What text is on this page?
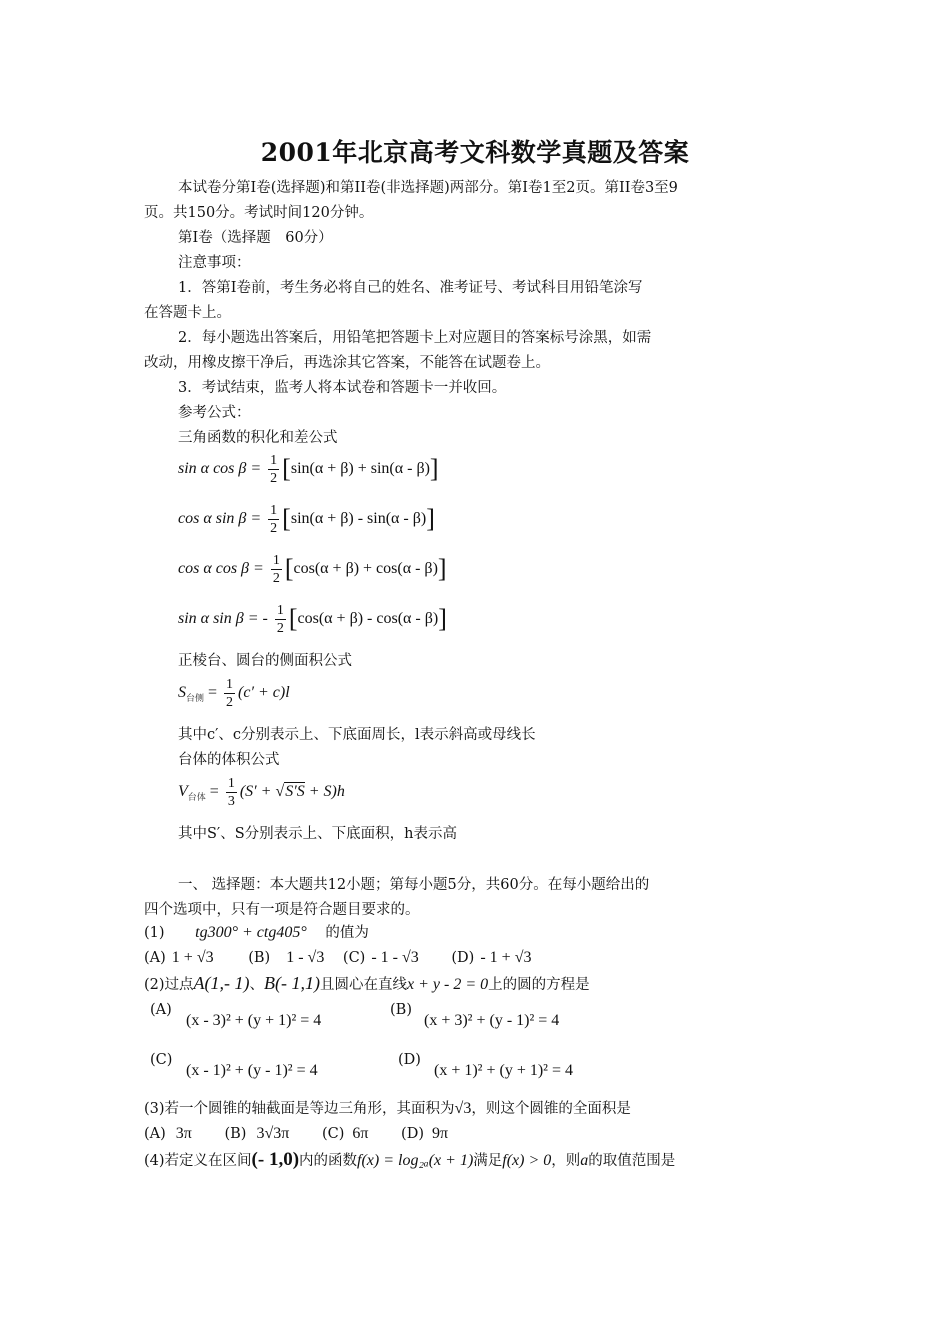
2001年北京高考文科数学真题及答案
本试卷分第Ⅰ卷(选择题)和第ⅠⅠ卷(非选择题)两部分。第Ⅰ卷1至2页。第ⅠⅠ卷3至9
页。共150分。考试时间120分钟。
第Ⅰ卷（选择题　60分）
注意事项：
1．答第Ⅰ卷前，考生务必将自己的姓名、准考证号、考试科目用铅笔涂写
在答题卡上。
2．每小题选出答案后，用铅笔把答题卡上对应题目的答案标号涂黑，如需
改动，用橡皮擦干净后，再选涂其它答案，不能答在试题卷上。
3．考试结束，监考人将本试卷和答题卡一并收回。
参考公式：
三角函数的积化和差公式
sin α $\cos \beta = \frac{1}{2} [\sin(\alpha + \beta) + \sin(\alpha - \beta)]$
cos α $\sin \beta = \frac{1}{2} [\sin(\alpha + \beta) - \sin(\alpha - \beta)]$
cos α $\cos \beta = \frac{1}{2} [\cos(\alpha + \beta) + \cos(\alpha - \beta)]$
sin α sin β = - $\frac{1}{2} [\cos(\alpha + \beta) - \cos(\alpha - \beta)]$
正棱台、圆台的侧面积公式
$S_{台侧} = \frac{1}{2} (c' + c)l$
其中c′、c分别表示上、下底面周长，l表示斜高或母线长
台体的体积公式
$V_{台体} = \frac{1}{3} (S' + √S'S + S)h$
其中S′、S分别表示上、下底面积，h表示高
一、 选择题：本大题共12小题；第每小题5分，共60分。在每小题给出的
四个选项中，只有一项是符合题目要求的。
(1) tg300° + ctg405° 的值为
(A) 1 + √3 (B) 1 - √3 (C) - 1 - √3 (D) - 1 + √3
(2)过点A(1,- 1)、B(- 1,1)且圆心在直线x + y - 2 = 0上的圆的方程是
(A)
(x - 3)² + (y + 1)² = 4
(B)
(x + 3)² + (y - 1)² = 4
(C)
(x - 1)² + (y - 1)² = 4
(D)
(x + 1)² + (y + 1)² = 4
(3)若一个圆锥的轴截面是等边三角形，其面积为√3，则这个圆锥的全面积是
(A) 3π (B) 3√3π (C) 6π (D) 9π
(4)若定义在区间(- 1,0)内的函数f(x) = log₂ₐ(x + 1)满足f(x) > 0，则a的取值范围是
